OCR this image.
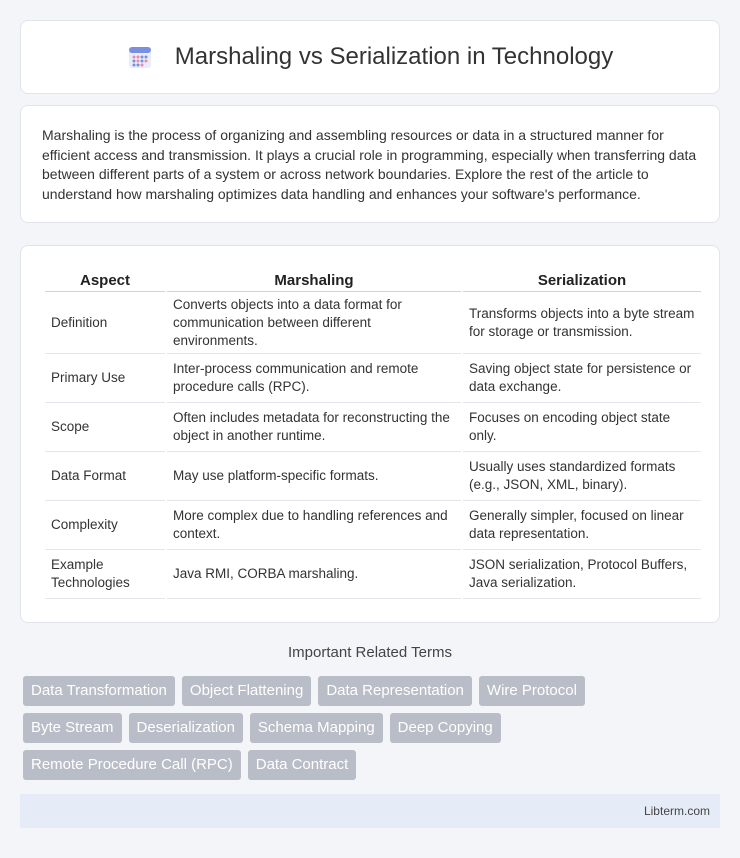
Marshaling vs Serialization in Technology

Marshaling is the process of organizing and assembling resources or data in a structured manner for efficient access and transmission. It plays a crucial role in programming, especially when transferring data between different parts of a system or across network boundaries. Explore the rest of the article to understand how marshaling optimizes data handling and enhances your software's performance.

Aspect	Marshaling	Serialization
Definition	Converts objects into a data format for communication between different environments.	Transforms objects into a byte stream for storage or transmission.
Primary Use	Inter-process communication and remote procedure calls (RPC).	Saving object state for persistence or data exchange.
Scope	Often includes metadata for reconstructing the object in another runtime.	Focuses on encoding object state only.
Data Format	May use platform-specific formats.	Usually uses standardized formats (e.g., JSON, XML, binary).
Complexity	More complex due to handling references and context.	Generally simpler, focused on linear data representation.
Example Technologies	Java RMI, CORBA marshaling.	JSON serialization, Protocol Buffers, Java serialization.
Important Related Terms
Data Transformation	Object Flattening	Data Representation	Wire Protocol
Byte Stream	Deserialization	Schema Mapping	Deep Copying
Remote Procedure Call (RPC)	Data Contract
Libterm.com
